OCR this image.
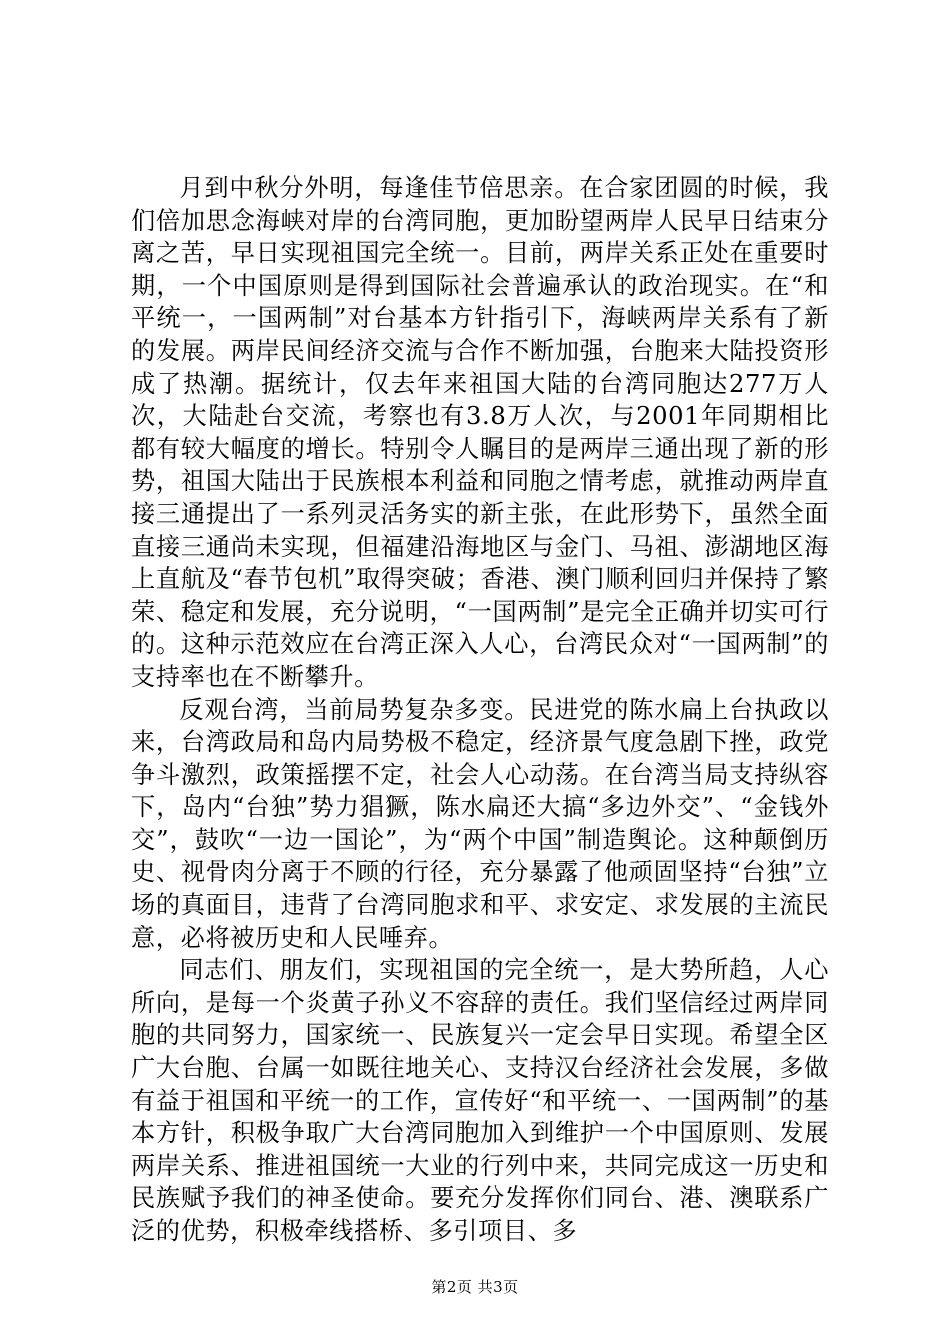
月到中秋分外明，每逢佳节倍思亲。在合家团圆的时候，我们倍加思念海峡对岸的台湾同胞，更加盼望两岸人民早日结束分离之苦，早日实现祖国完全统一。目前，两岸关系正处在重要时期，一个中国原则是得到国际社会普遍承认的政治现实。在“和平统一，一国两制”对台基本方针指引下，海峡两岸关系有了新的发展。两岸民间经济交流与合作不断加强，台胞来大陆投资形成了热潮。据统计，仅去年来祖国大陆的台湾同胞达277万人次，大陆赴台交流，考察也有3.8万人次，与2001年同期相比都有较大幅度的增长。特别令人瞩目的是两岸三通出现了新的形势，祖国大陆出于民族根本利益和同胞之情考虑，就推动两岸直接三通提出了一系列灵活务实的新主张，在此形势下，虽然全面直接三通尚未实现，但福建沿海地区与金门、马祖、澎湖地区海上直航及“春节包机”取得突破；香港、澳门顺利回归并保持了繁荣、稳定和发展，充分说明，“一国两制”是完全正确并切实可行的。这种示范效应在台湾正深入人心，台湾民众对“一国两制”的支持率也在不断攀升。

反观台湾，当前局势复杂多变。民进党的陈水扁上台执政以来，台湾政局和岛内局势极不稳定，经济景气度急剧下挫，政党争斗激烈，政策摇摆不定，社会人心动荡。在台湾当局支持纵容下，岛内“台独”势力猖獗，陈水扁还大搞“多边外交”、“金钱外交”，鼓吹“一边一国论”，为“两个中国”制造舆论。这种颠倒历史、视骨肉分离于不顾的行径，充分暴露了他顽固坚持“台独”立场的真面目，违背了台湾同胞求和平、求安定、求发展的主流民意，必将被历史和人民唾弃。

同志们、朋友们，实现祖国的完全统一，是大势所趋，人心所向，是每一个炎黄子孙义不容辞的责任。我们坚信经过两岸同胞的共同努力，国家统一、民族复兴一定会早日实现。希望全区广大台胞、台属一如既往地关心、支持汉台经济社会发展，多做有益于祖国和平统一的工作，宣传好“和平统一、一国两制”的基本方针，积极争取广大台湾同胞加入到维护一个中国原则、发展两岸关系、推进祖国统一大业的行列中来，共同完成这一历史和民族赋予我们的神圣使命。要充分发挥你们同台、港、澳联系广泛的优势，积极牵线搭桥、多引项目、多

第2页 共3页
